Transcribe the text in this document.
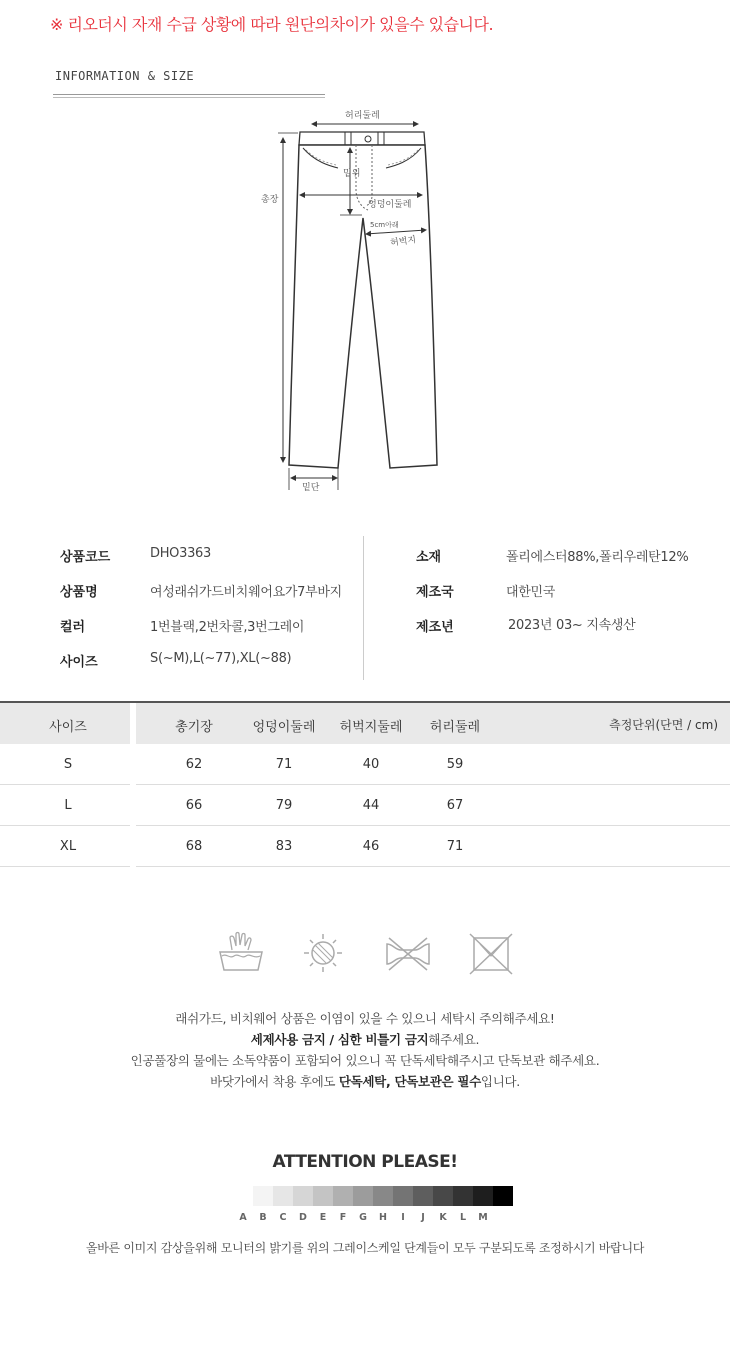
※ 리오더시 자재 수급 상황에 따라 원단의차이가 있을수 있습니다.
INFORMATION & SIZE
허리둘레
밑위
총장	엉덩이둘레
5cm아래
허벅지
밑단
상품코드	DHO3363
상품명	여성래쉬가드비치웨어요가7부바지
컬러	1번블랙,2번차콜,3번그레이
사이즈	S(~M),L(~77),XL(~88)
소재	폴리에스터88%,폴리우레탄12%
제조국	대한민국
제조년	2023년 03~ 지속생산
사이즈	총기장	엉덩이둘레	허벅지둘레	허리둘레	측정단위(단면 / cm)
S	62	71	40	59
L	66	79	44	67
XL	68	83	46	71
래쉬가드, 비치웨어 상품은 이염이 있을 수 있으니 세탁시 주의해주세요!
세제사용 금지 / 심한 비틀기 금지해주세요.
인공풀장의 물에는 소독약품이 포함되어 있으니 꼭 단독세탁해주시고 단독보관 해주세요.
바닷가에서 착용 후에도 단독세탁, 단독보관은 필수입니다.
ATTENTION PLEASE!
A	B	C	D	E	F	G	H	I	J	K	L	M
올바른 이미지 감상을위해 모니터의 밝기를 위의 그레이스케일 단계들이 모두 구분되도록 조정하시기 바랍니다
